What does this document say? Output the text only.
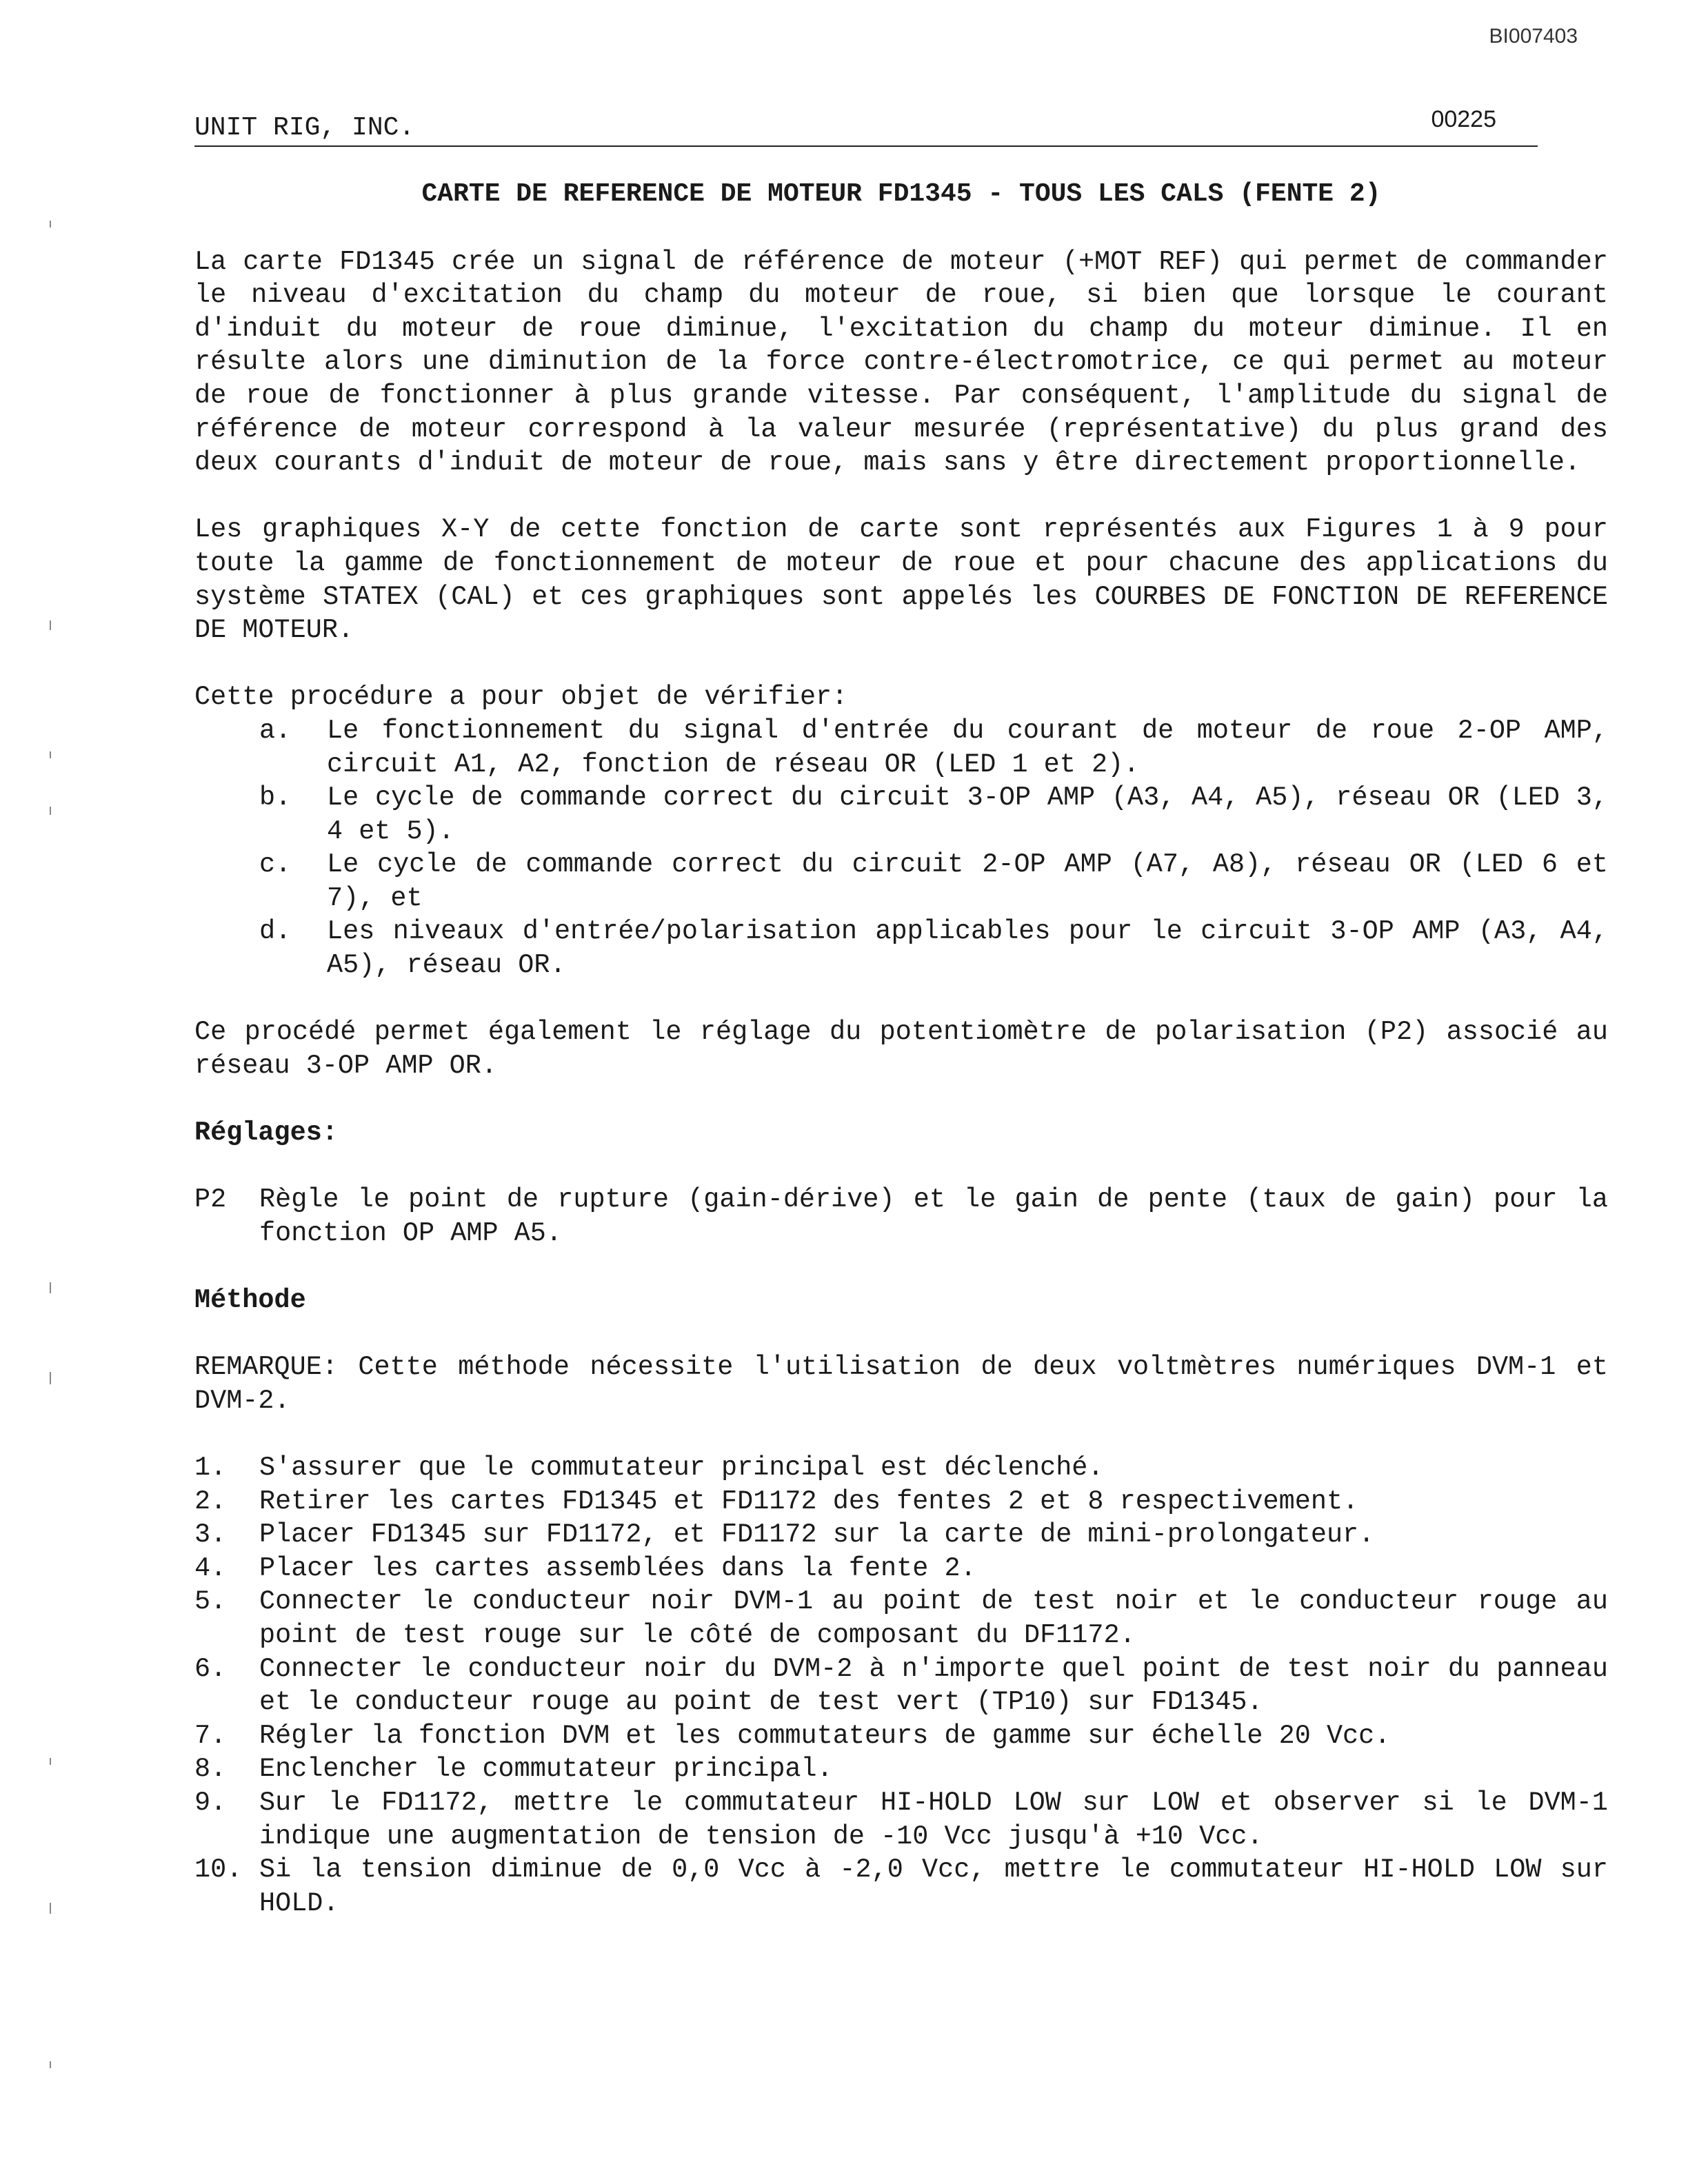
BI007403
UNIT RIG, INC.	00225
CARTE DE REFERENCE DE MOTEUR FD1345 - TOUS LES CALS (FENTE 2)

La carte FD1345 crée un signal de référence de moteur (+MOT REF) qui permet de commander le niveau d'excitation du champ du moteur de roue, si bien que lorsque le courant d'induit du moteur de roue diminue, l'excitation du champ du moteur diminue. Il en résulte alors une diminution de la force contre-électromotrice, ce qui permet au moteur de roue de fonctionner à plus grande vitesse. Par conséquent, l'amplitude du signal de référence de moteur correspond à la valeur mesurée (représentative) du plus grand des deux courants d'induit de moteur de roue, mais sans y être directement proportionnelle.

Les graphiques X-Y de cette fonction de carte sont représentés aux Figures 1 à 9 pour toute la gamme de fonctionnement de moteur de roue et pour chacune des applications du système STATEX (CAL) et ces graphiques sont appelés les COURBES DE FONCTION DE REFERENCE DE MOTEUR.

Cette procédure a pour objet de vérifier:
a.	Le fonctionnement du signal d'entrée du courant de moteur de roue 2-OP AMP, circuit A1, A2, fonction de réseau OR (LED 1 et 2).
b.	Le cycle de commande correct du circuit 3-OP AMP (A3, A4, A5), réseau OR (LED 3, 4 et 5).
c.	Le cycle de commande correct du circuit 2-OP AMP (A7, A8), réseau OR (LED 6 et 7), et
d.	Les niveaux d'entrée/polarisation applicables pour le circuit 3-OP AMP (A3, A4, A5), réseau OR.

Ce procédé permet également le réglage du potentiomètre de polarisation (P2) associé au réseau 3-OP AMP OR.

Réglages:
P2	Règle le point de rupture (gain-dérive) et le gain de pente (taux de gain) pour la fonction OP AMP A5.
Méthode

REMARQUE: Cette méthode nécessite l'utilisation de deux voltmètres numériques DVM-1 et DVM-2.

1.	S'assurer que le commutateur principal est déclenché.
2.	Retirer les cartes FD1345 et FD1172 des fentes 2 et 8 respectivement.
3.	Placer FD1345 sur FD1172, et FD1172 sur la carte de mini-prolongateur.
4.	Placer les cartes assemblées dans la fente 2.
5.	Connecter le conducteur noir DVM-1 au point de test noir et le conducteur rouge au point de test rouge sur le côté de composant du DF1172.
6.	Connecter le conducteur noir du DVM-2 à n'importe quel point de test noir du panneau et le conducteur rouge au point de test vert (TP10) sur FD1345.
7.	Régler la fonction DVM et les commutateurs de gamme sur échelle 20 Vcc.
8.	Enclencher le commutateur principal.
9.	Sur le FD1172, mettre le commutateur HI-HOLD LOW sur LOW et observer si le DVM-1 indique une augmentation de tension de -10 Vcc jusqu'à +10 Vcc.
10. Si la tension diminue de 0,0 Vcc à -2,0 Vcc, mettre le commutateur HI-HOLD LOW sur HOLD.
